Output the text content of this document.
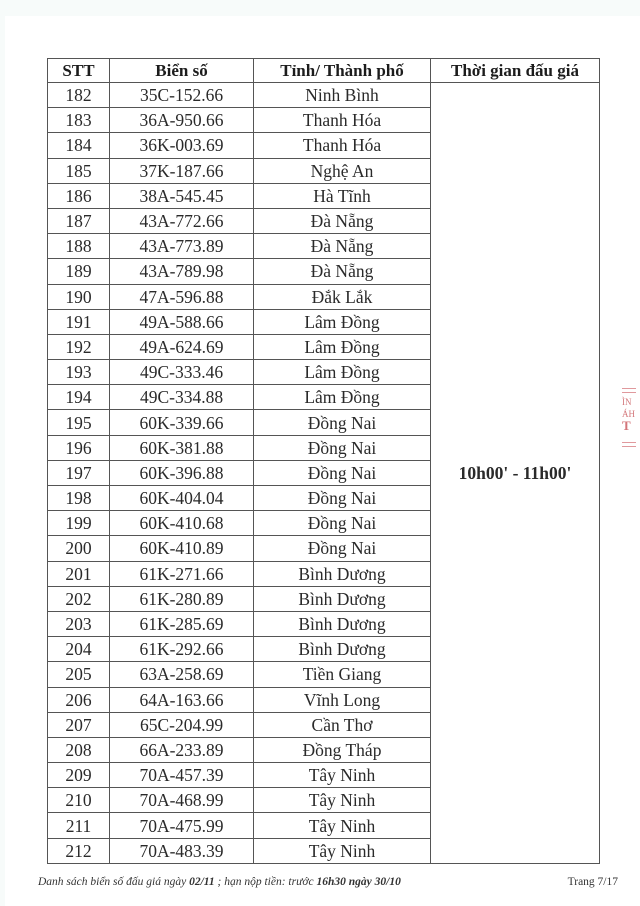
STT	Biển số	Tỉnh/ Thành phố	Thời gian đấu giá
182	35C-152.66	Ninh Bình	10h00' - 11h00'
183	36A-950.66	Thanh Hóa	
184	36K-003.69	Thanh Hóa	
185	37K-187.66	Nghệ An	
186	38A-545.45	Hà Tĩnh	
187	43A-772.66	Đà Nẵng	
188	43A-773.89	Đà Nẵng	
189	43A-789.98	Đà Nẵng	
190	47A-596.88	Đắk Lắk	
191	49A-588.66	Lâm Đồng	
192	49A-624.69	Lâm Đồng	
193	49C-333.46	Lâm Đồng	
194	49C-334.88	Lâm Đồng	
195	60K-339.66	Đồng Nai	
196	60K-381.88	Đồng Nai	
197	60K-396.88	Đồng Nai	
198	60K-404.04	Đồng Nai	
199	60K-410.68	Đồng Nai	
200	60K-410.89	Đồng Nai	
201	61K-271.66	Bình Dương	
202	61K-280.89	Bình Dương	
203	61K-285.69	Bình Dương	
204	61K-292.66	Bình Dương	
205	63A-258.69	Tiền Giang	
206	64A-163.66	Vĩnh Long	
207	65C-204.99	Cần Thơ	
208	66A-233.89	Đồng Tháp	
209	70A-457.39	Tây Ninh	
210	70A-468.99	Tây Ninh	
211	70A-475.99	Tây Ninh	
212	70A-483.39	Tây Ninh	
ÌN
ÁH
T
Danh sách biển số đấu giá ngày 02/11 ; hạn nộp tiền: trước 16h30 ngày 30/10	Trang 7/17
